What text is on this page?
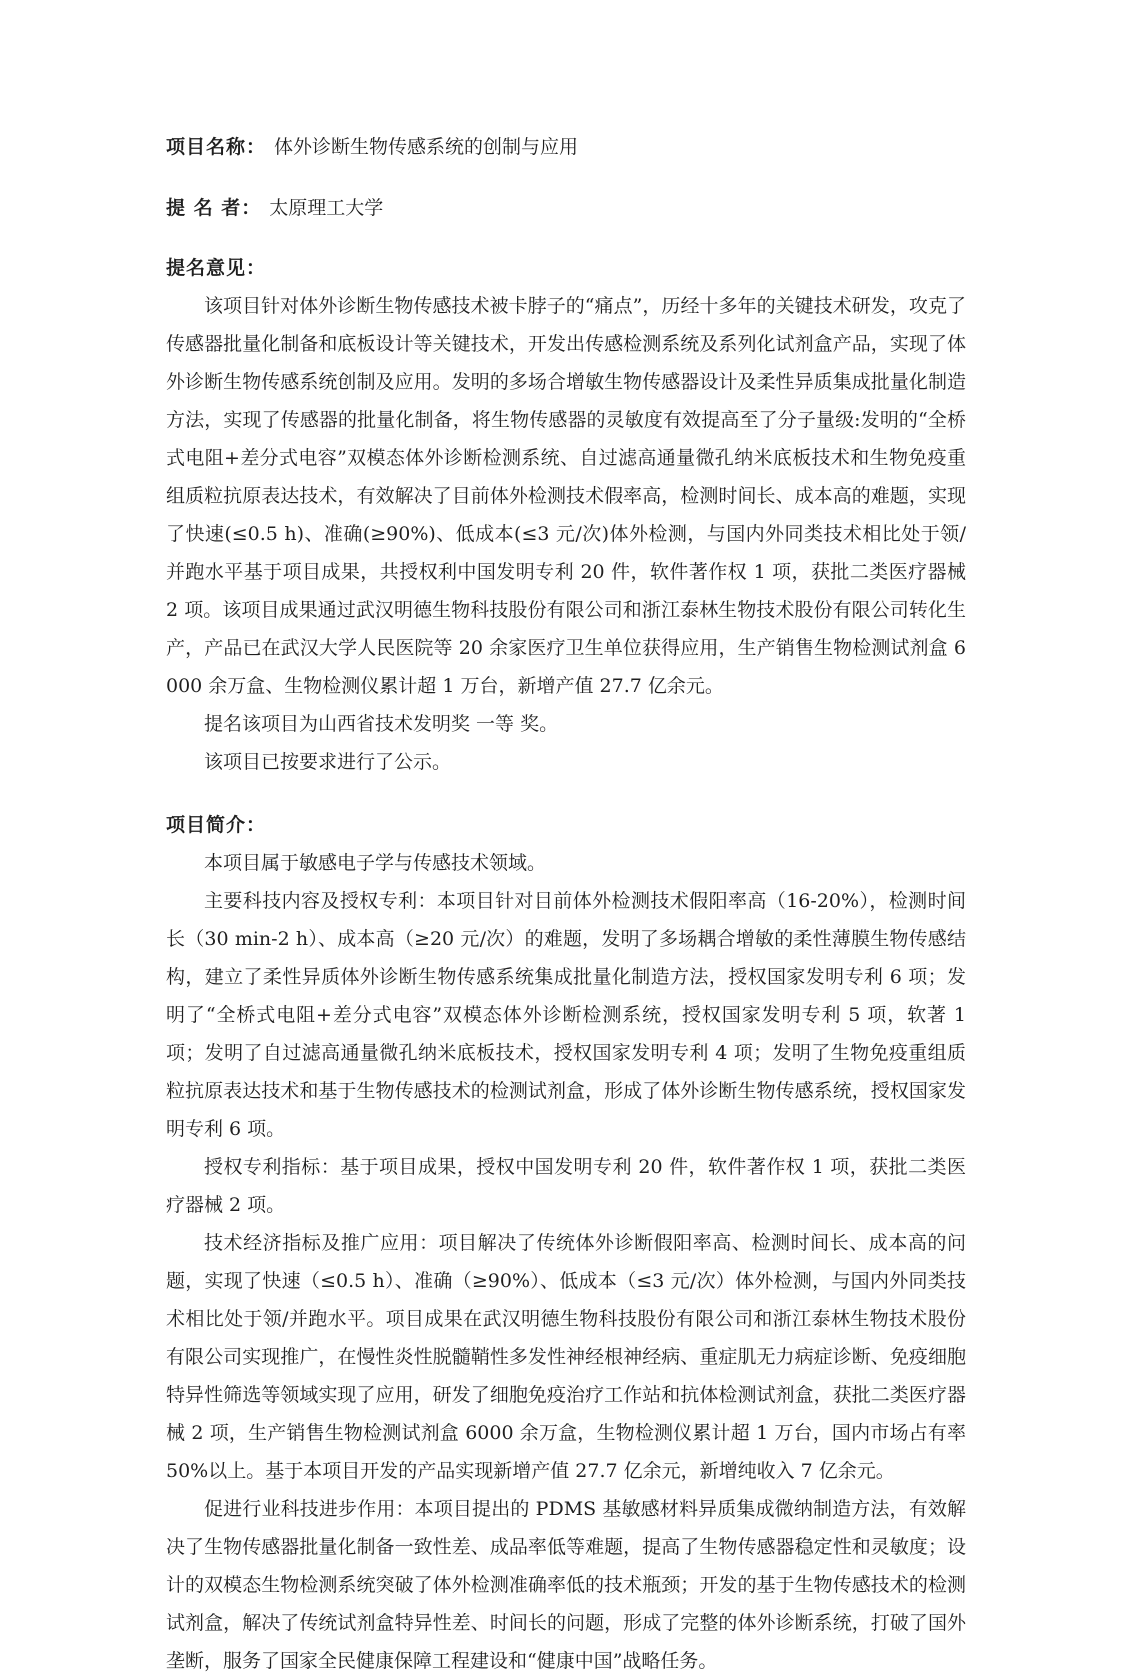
项目名称： 体外诊断生物传感系统的创制与应用
提 名 者： 太原理工大学
提名意见：

该项目针对体外诊断生物传感技术被卡脖子的“痛点”，历经十多年的关键技术研发，攻克了传感器批量化制备和底板设计等关键技术，开发出传感检测系统及系列化试剂盒产品，实现了体外诊断生物传感系统创制及应用。发明的多场合增敏生物传感器设计及柔性异质集成批量化制造方法，实现了传感器的批量化制备，将生物传感器的灵敏度有效提高至了分子量级:发明的“全桥式电阻+差分式电容”双模态体外诊断检测系统、自过滤高通量微孔纳米底板技术和生物免疫重组质粒抗原表达技术，有效解决了目前体外检测技术假率高，检测时间长、成本高的难题，实现了快速(≤0.5 h)、准确(≥90%)、低成本(≤3 元/次)体外检测，与国内外同类技术相比处于领/并跑水平基于项目成果，共授权利中国发明专利 20 件，软件著作权 1 项，获批二类医疗器械 2 项。该项目成果通过武汉明德生物科技股份有限公司和浙江泰林生物技术股份有限公司转化生产，产品已在武汉大学人民医院等 20 余家医疗卫生单位获得应用，生产销售生物检测试剂盒 6000 余万盒、生物检测仪累计超 1 万台，新增产值 27.7 亿余元。

提名该项目为山西省技术发明奖 一等 奖。

该项目已按要求进行了公示。

项目简介：

本项目属于敏感电子学与传感技术领域。

主要科技内容及授权专利：本项目针对目前体外检测技术假阳率高（16-20%），检测时间长（30 min-2 h）、成本高（≥20 元/次）的难题，发明了多场耦合增敏的柔性薄膜生物传感结构，建立了柔性异质体外诊断生物传感系统集成批量化制造方法，授权国家发明专利 6 项；发明了“全桥式电阻+差分式电容”双模态体外诊断检测系统，授权国家发明专利 5 项，软著 1 项；发明了自过滤高通量微孔纳米底板技术，授权国家发明专利 4 项；发明了生物免疫重组质粒抗原表达技术和基于生物传感技术的检测试剂盒，形成了体外诊断生物传感系统，授权国家发明专利 6 项。

授权专利指标：基于项目成果，授权中国发明专利 20 件，软件著作权 1 项，获批二类医疗器械 2 项。

技术经济指标及推广应用：项目解决了传统体外诊断假阳率高、检测时间长、成本高的问题，实现了快速（≤0.5 h）、准确（≥90%）、低成本（≤3 元/次）体外检测，与国内外同类技术相比处于领/并跑水平。项目成果在武汉明德生物科技股份有限公司和浙江泰林生物技术股份有限公司实现推广，在慢性炎性脱髓鞘性多发性神经根神经病、重症肌无力病症诊断、免疫细胞特异性筛选等领域实现了应用，研发了细胞免疫治疗工作站和抗体检测试剂盒，获批二类医疗器械 2 项，生产销售生物检测试剂盒 6000 余万盒，生物检测仪累计超 1 万台，国内市场占有率 50%以上。基于本项目开发的产品实现新增产值 27.7 亿余元，新增纯收入 7 亿余元。

促进行业科技进步作用：本项目提出的 PDMS 基敏感材料异质集成微纳制造方法，有效解决了生物传感器批量化制备一致性差、成品率低等难题，提高了生物传感器稳定性和灵敏度；设计的双模态生物检测系统突破了体外检测准确率低的技术瓶颈；开发的基于生物传感技术的检测试剂盒，解决了传统试剂盒特异性差、时间长的问题，形成了完整的体外诊断系统，打破了国外垄断，服务了国家全民健康保障工程建设和“健康中国”战略任务。
